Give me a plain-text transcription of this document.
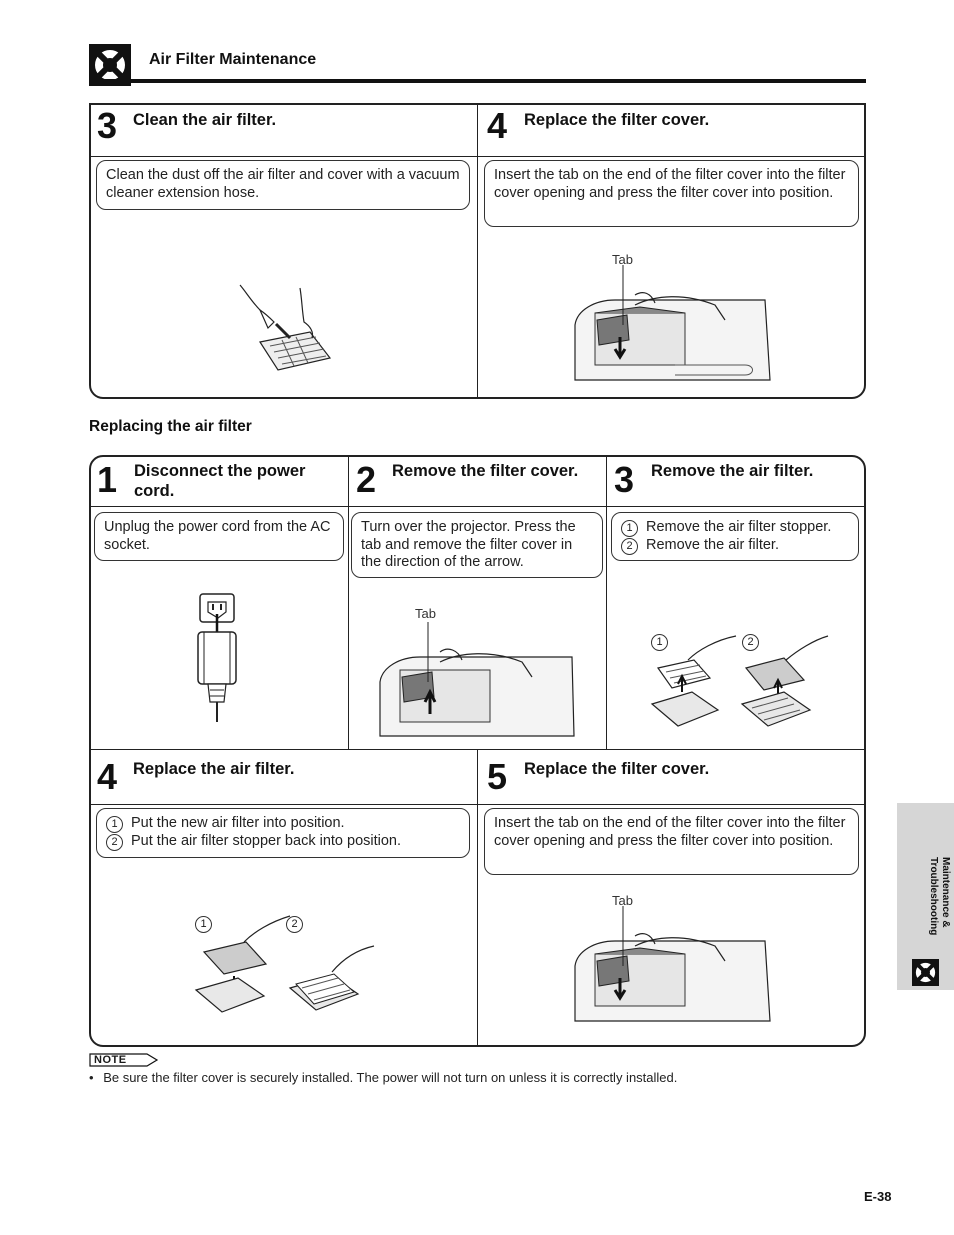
Air Filter Maintenance
3 Clean the air filter.
Clean the dust off the air filter and cover with a vacuum cleaner extension hose.
4 Replace the filter cover.
Insert the tab on the end of the filter cover into the filter cover opening and press the filter cover into position.
Tab
Replacing the air filter
1 Disconnect the power cord.
Unplug the power cord from the AC socket.
2 Remove the filter cover.
Turn over the projector. Press the tab and remove the filter cover in the direction of the arrow.
Tab
3 Remove the air filter.
1 Remove the air filter stopper.
2 Remove the air filter.
1	2
4 Replace the air filter.
1 Put the new air filter into position.
2 Put the air filter stopper back into position.
1	2
5 Replace the filter cover.
Insert the tab on the end of the filter cover into the filter cover opening and press the filter cover into position.
Tab
NOTE
• Be sure the filter cover is securely installed. The power will not turn on unless it is correctly installed.
Maintenance & Troubleshooting
E-38
